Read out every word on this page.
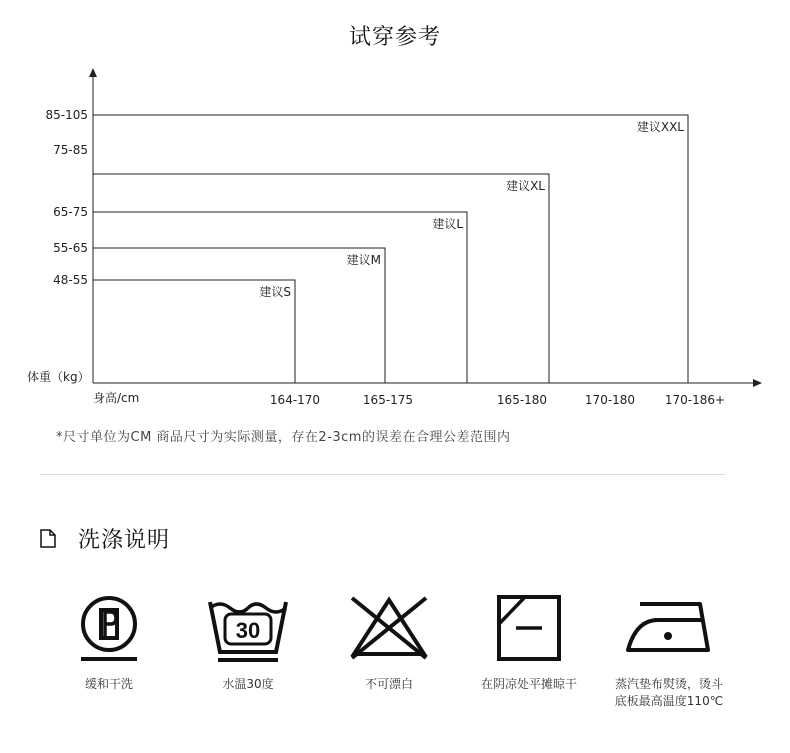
试穿参考
建议S
建议M
建议L
建议XL
建议XXL
85-105
75-85
65-75
55-65
48-55
体重（kg）
身高/cm	164-170	165-175	165-180	170-180 170-186+
*尺寸单位为CM 商品尺寸为实际测量，存在2-3cm的误差在合理公差范围内
洗涤说明
缓和干洗
30
水温30度	不可漂白	在阴凉处平摊晾干	蒸汽垫布熨烫，烫斗
底板最高温度110℃
